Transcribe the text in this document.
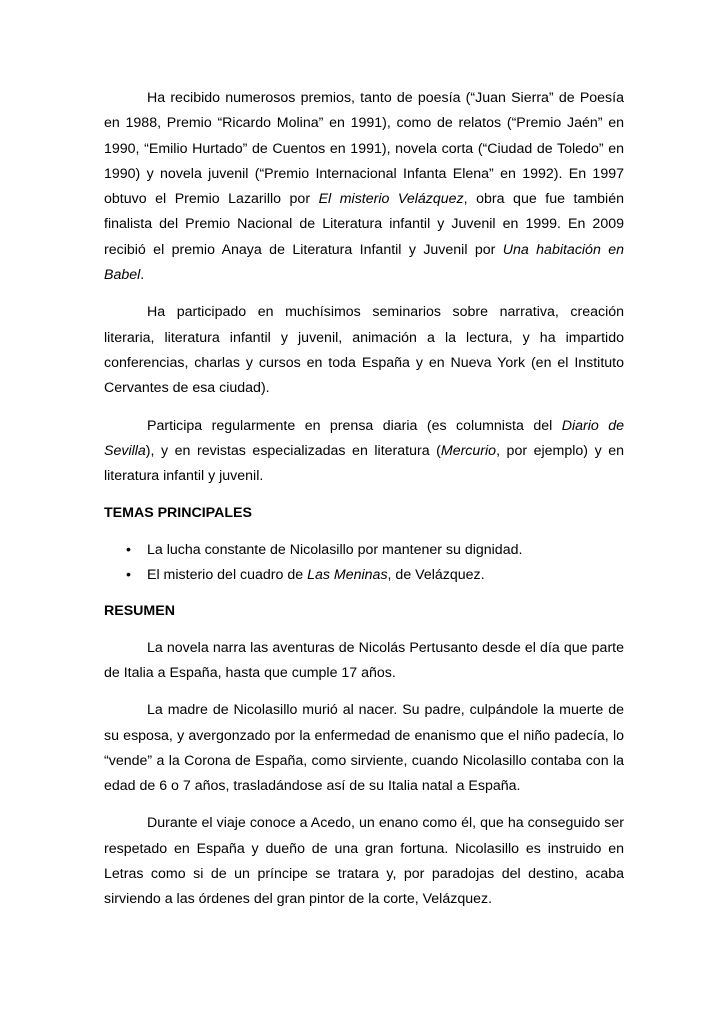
Ha recibido numerosos premios, tanto de poesía (“Juan Sierra” de Poesía en 1988, Premio “Ricardo Molina” en 1991), como de relatos (“Premio Jaén” en 1990, “Emilio Hurtado” de Cuentos en 1991), novela corta (“Ciudad de Toledo” en 1990) y novela juvenil (“Premio Internacional Infanta Elena” en 1992). En 1997 obtuvo el Premio Lazarillo por El misterio Velázquez, obra que fue también finalista del Premio Nacional de Literatura infantil y Juvenil en 1999. En 2009 recibió el premio Anaya de Literatura Infantil y Juvenil por Una habitación en Babel.

Ha participado en muchísimos seminarios sobre narrativa, creación literaria, literatura infantil y juvenil, animación a la lectura, y ha impartido conferencias, charlas y cursos en toda España y en Nueva York (en el Instituto Cervantes de esa ciudad).

Participa regularmente en prensa diaria (es columnista del Diario de Sevilla), y en revistas especializadas en literatura (Mercurio, por ejemplo) y en literatura infantil y juvenil.

TEMAS PRINCIPALES
• La lucha constante de Nicolasillo por mantener su dignidad.
• El misterio del cuadro de Las Meninas, de Velázquez.
RESUMEN

La novela narra las aventuras de Nicolás Pertusanto desde el día que parte de Italia a España, hasta que cumple 17 años.

La madre de Nicolasillo murió al nacer. Su padre, culpándole la muerte de su esposa, y avergonzado por la enfermedad de enanismo que el niño padecía, lo “vende” a la Corona de España, como sirviente, cuando Nicolasillo contaba con la edad de 6 o 7 años, trasladándose así de su Italia natal a España.

Durante el viaje conoce a Acedo, un enano como él, que ha conseguido ser respetado en España y dueño de una gran fortuna. Nicolasillo es instruido en Letras como si de un príncipe se tratara y, por paradojas del destino, acaba sirviendo a las órdenes del gran pintor de la corte, Velázquez.
